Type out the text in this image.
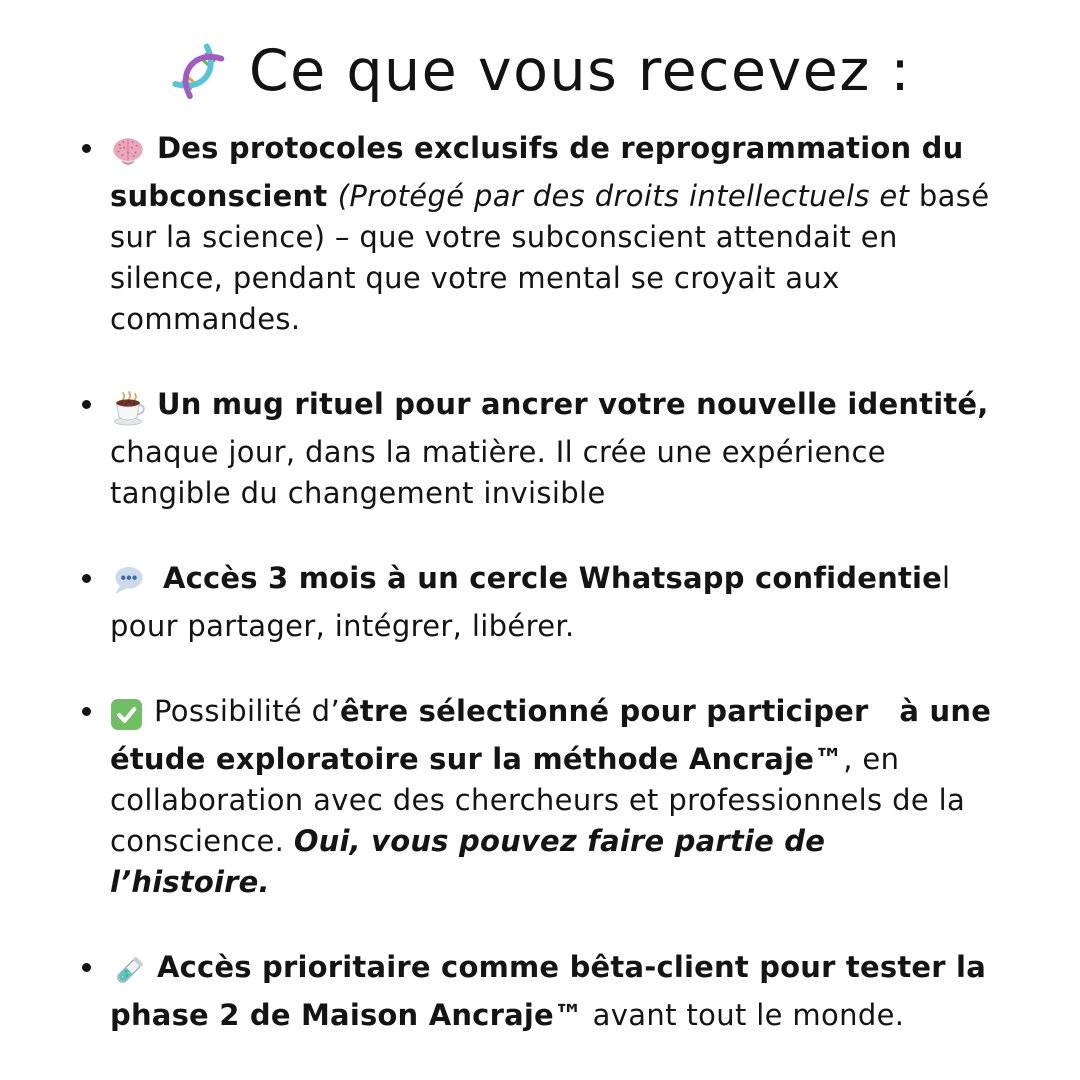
Ce que vous recevez :
Des protocoles exclusifs de reprogrammation du subconscient (Protégé par des droits intellectuels et basé sur la science) – que votre subconscient attendait en silence, pendant que votre mental se croyait aux commandes.
Un mug rituel pour ancrer votre nouvelle identité, chaque jour, dans la matière. Il crée une expérience tangible du changement invisible
Accès 3 mois à un cercle Whatsapp confidentiel pour partager, intégrer, libérer.
Possibilité d’être sélectionné pour participer   à une étude exploratoire sur la méthode Ancraje™, en collaboration avec des chercheurs et professionnels de la conscience. Oui, vous pouvez faire partie de l’histoire.
Accès prioritaire comme bêta-client pour tester la phase 2 de Maison Ancraje™ avant tout le monde.
